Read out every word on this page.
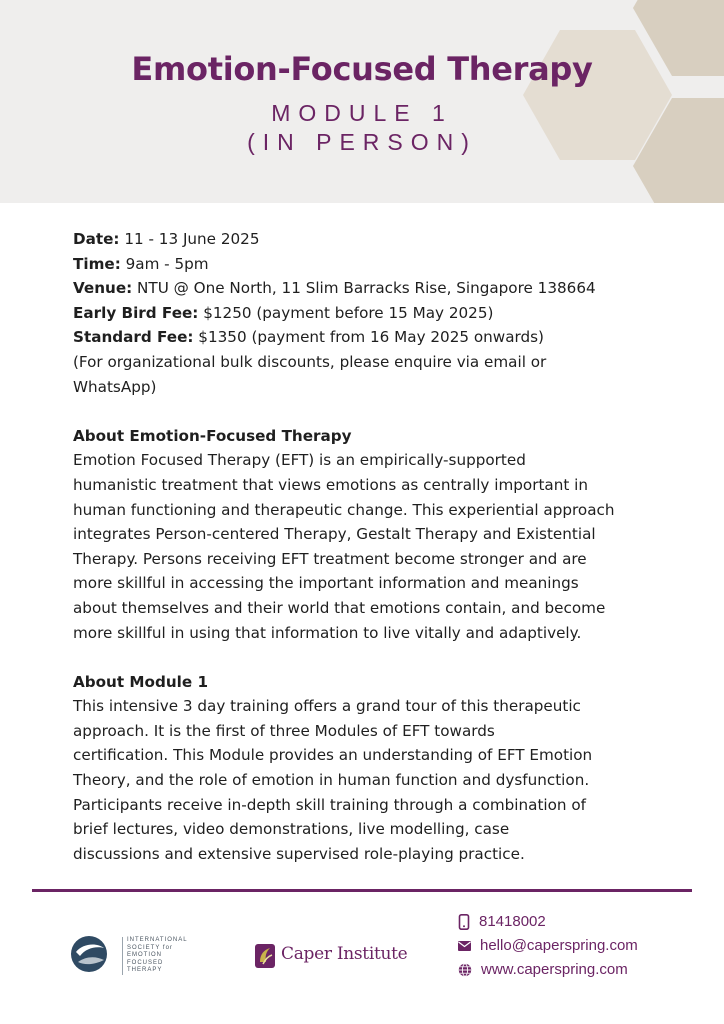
Emotion-Focused Therapy
MODULE 1
(IN PERSON)

Date: 11 - 13 June 2025

Time: 9am - 5pm

Venue: NTU @ One North, 11 Slim Barracks Rise, Singapore 138664

Early Bird Fee: $1250 (payment before 15 May 2025)

Standard Fee: $1350 (payment from 16 May 2025 onwards)

(For organizational bulk discounts, please enquire via email or

WhatsApp)

About Emotion-Focused Therapy

Emotion Focused Therapy (EFT) is an empirically-supported

humanistic treatment that views emotions as centrally important in

human functioning and therapeutic change. This experiential approach

integrates Person-centered Therapy, Gestalt Therapy and Existential

Therapy. Persons receiving EFT treatment become stronger and are

more skillful in accessing the important information and meanings

about themselves and their world that emotions contain, and become

more skillful in using that information to live vitally and adaptively.

About Module 1

This intensive 3 day training offers a grand tour of this therapeutic

approach. It is the first of three Modules of EFT towards

certification. This Module provides an understanding of EFT Emotion

Theory, and the role of emotion in human function and dysfunction.

Participants receive in-depth skill training through a combination of

brief lectures, video demonstrations, live modelling, case

discussions and extensive supervised role-playing practice.

INTERNATIONAL
SOCIETY for
EMOTION
FOCUSED
THERAPY
Caper Institute
81418002
hello@caperspring.com
www.caperspring.com
